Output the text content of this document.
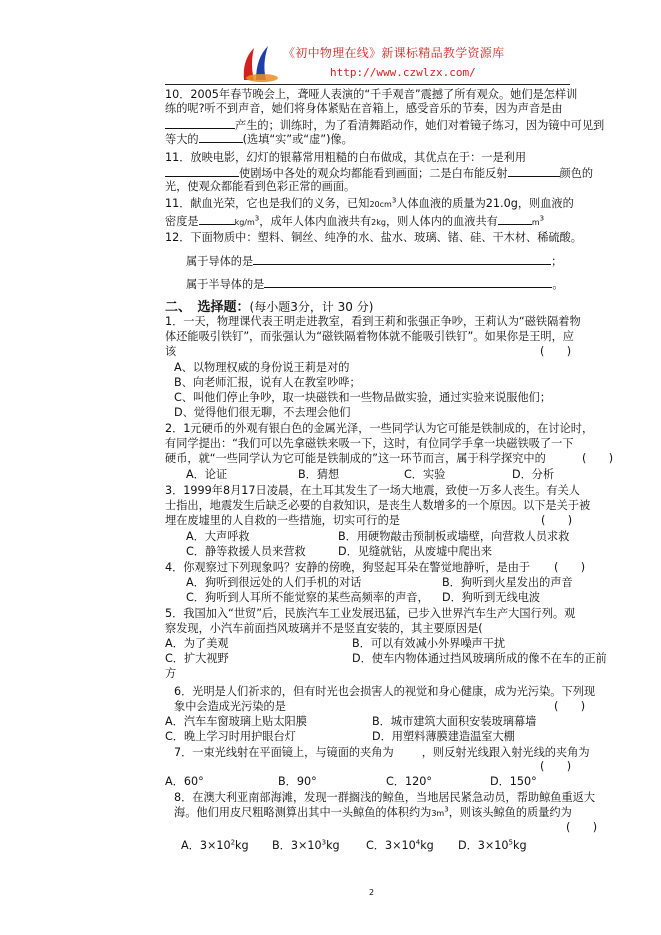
《初中物理在线》新课标精品教学资源库
http://www.czwlzx.com/
10．2005年春节晚会上，聋哑人表演的“千手观音”震撼了所有观众。她们是怎样训
练的呢?听不到声音，她们将身体紧贴在音箱上，感受音乐的节奏，因为声音是由
产生的；训练时，为了看清舞蹈动作，她们对着镜子练习，因为镜中可见到
等大的	(选填“实”或“虚”)像。
11．放映电影，幻灯的银幕常用粗糙的白布做成，其优点在于：一是利用
使剧场中各处的观众均都能看到画面；二是白布能反射	颜色的
光，使观众都能看到色彩正常的画面。
11．献血光荣，它也是我们的义务，已知$20cm^3$人体血液的质量为21.0g，则血液的
密度是	$kg/m^3$，成年人体内血液共有2kg，则人体内的血液共有	$m^3$
12．下面物质中：塑料、铜丝、纯净的水、盐水、玻璃、锗、硅、干木材、稀硫酸。
属于导体的是	；
属于半导体的是	。
二、　选择题：(每小题3分，计 30 分)
1．一天，物理课代表王明走进教室，看到王莉和张强正争吵，王莉认为“磁铁隔着物
体还能吸引铁钉”，而张强认为“磁铁隔着物体就不能吸引铁钉”。如果你是王明，应
该	(　　)
A、以物理权威的身份说王莉是对的
B、向老师汇报，说有人在教室吵哗；
C、叫他们停止争吵，取一块磁铁和一些物品做实验，通过实验来说服他们；
D、觉得他们很无聊，不去理会他们
2．1元硬币的外观有银白色的金属光泽，一些同学认为它可能是铁制成的，在讨论时，
有同学提出：“我们可以先拿磁铁来吸一下，这时，有位同学手拿一块磁铁吸了一下
硬币，就“一些同学认为它可能是铁制成的”这一环节而言，属于科学探究中的	(　　)
A．论证	B．猜想	C．实验	D．分析
3．1999年8月17日凌晨，在土耳其发生了一场大地震，致使一万多人丧生。有关人
士指出，地震发生后缺乏必要的自救知识，是丧生人数增多的一个原因。以下是关于被
埋在废墟里的人自救的一些措施，切实可行的是	(　　)
A．大声呼救	B．用硬物敲击预制板或墙壁，向营救人员求救
C．静等救援人员来营救	D．见缝就钻，从废墟中爬出来
4．你观察过下列现象吗？安静的傍晚，狗竖起耳朵在警觉地静听，是由于 (　　)
A．狗听到很远处的人们手机的对话	B．狗听到火星发出的声音
C．狗听到人耳所不能觉察的某些高频率的声音， D．狗听到无线电波
5．我国加入“世贸”后，民族汽车工业发展迅猛，已步入世界汽车生产大国行列。观
察发现，小汽车前面挡风玻璃并不是竖直安装的，其主要原因是(
A．为了美观	B．可以有效减小外界噪声干扰
C．扩大视野	D．使车内物体通过挡风玻璃所成的像不在车的正前
方
6．光明是人们祈求的，但有时光也会损害人的视觉和身心健康，成为光污染。下列现
象中会造成光污染的是	(　　)
A．汽车车窗玻璃上贴太阳膜	B．城市建筑大面积安装玻璃幕墙
C．晚上学习时用护眼台灯	D．用塑料薄膜建造温室大棚
7．一束光线射在平面镜上，与镜面的夹角为	，则反射光线跟入射光线的夹角为
(　　)
A．60°	B．90°	C．120°	D．150°
8．在澳大利亚南部海滩，发现一群搁浅的鲸鱼，当地居民紧急动员，帮助鲸鱼重返大
海。他们用皮尺粗略测算出其中一头鲸鱼的体积约为$3m^3$，则该头鲸鱼的质量约为
(　　)
A．$3\times 10^2kg$ B．$3\times 10^3kg$ C．$3\times 10^4kg$ D．$3\times 10^5kg$
2
